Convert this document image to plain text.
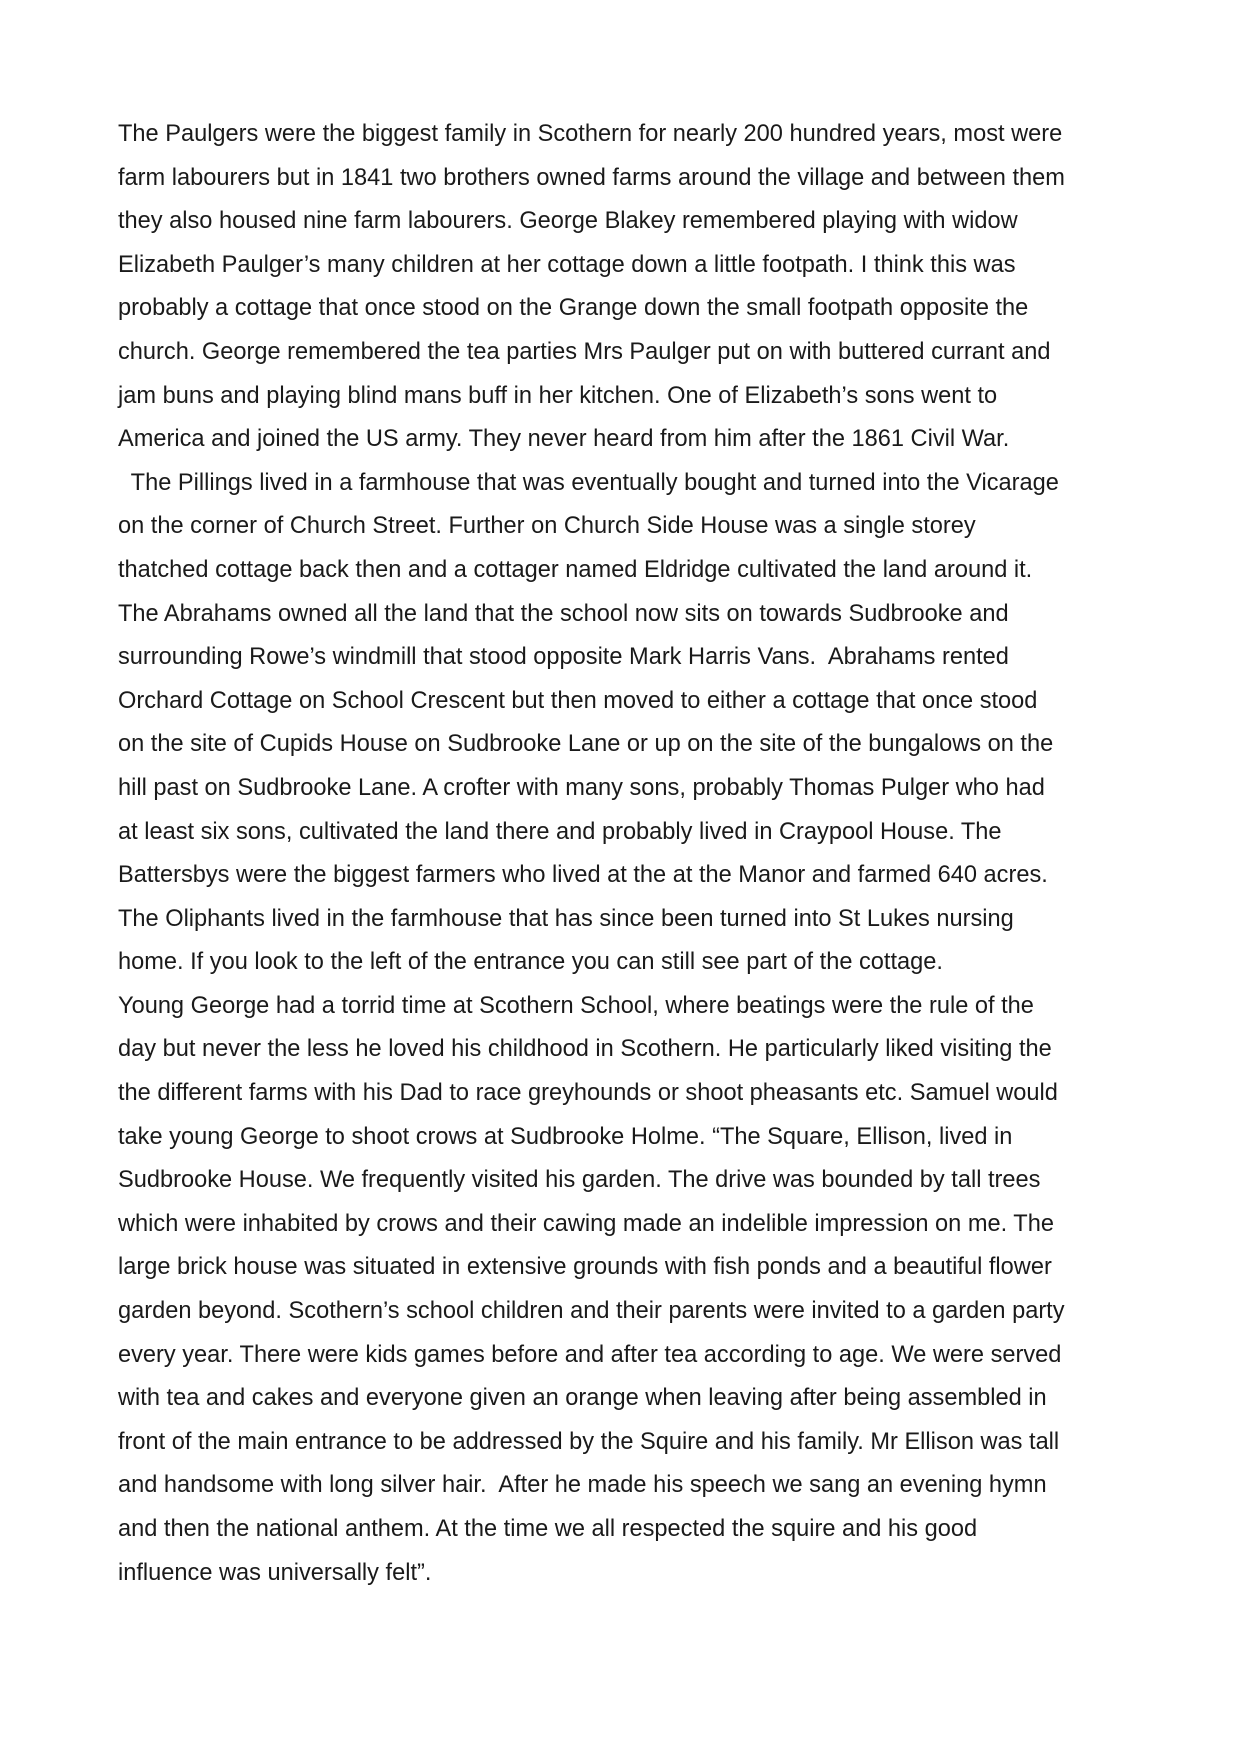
The Paulgers were the biggest family in Scothern for nearly 200 hundred years, most were
farm labourers but in 1841 two brothers owned farms around the village and between them
they also housed nine farm labourers. George Blakey remembered playing with widow
Elizabeth Paulger’s many children at her cottage down a little footpath. I think this was
probably a cottage that once stood on the Grange down the small footpath opposite the
church. George remembered the tea parties Mrs Paulger put on with buttered currant and
jam buns and playing blind mans buff in her kitchen. One of Elizabeth’s sons went to
America and joined the US army. They never heard from him after the 1861 Civil War.
The Pillings lived in a farmhouse that was eventually bought and turned into the Vicarage
on the corner of Church Street. Further on Church Side House was a single storey
thatched cottage back then and a cottager named Eldridge cultivated the land around it.
The Abrahams owned all the land that the school now sits on towards Sudbrooke and
surrounding Rowe’s windmill that stood opposite Mark Harris Vans.  Abrahams rented
Orchard Cottage on School Crescent but then moved to either a cottage that once stood
on the site of Cupids House on Sudbrooke Lane or up on the site of the bungalows on the
hill past on Sudbrooke Lane. A crofter with many sons, probably Thomas Pulger who had
at least six sons, cultivated the land there and probably lived in Craypool House. The
Battersbys were the biggest farmers who lived at the at the Manor and farmed 640 acres.
The Oliphants lived in the farmhouse that has since been turned into St Lukes nursing
home. If you look to the left of the entrance you can still see part of the cottage.
Young George had a torrid time at Scothern School, where beatings were the rule of the
day but never the less he loved his childhood in Scothern. He particularly liked visiting the
the different farms with his Dad to race greyhounds or shoot pheasants etc. Samuel would
take young George to shoot crows at Sudbrooke Holme. “The Square, Ellison, lived in
Sudbrooke House. We frequently visited his garden. The drive was bounded by tall trees
which were inhabited by crows and their cawing made an indelible impression on me. The
large brick house was situated in extensive grounds with fish ponds and a beautiful flower
garden beyond. Scothern’s school children and their parents were invited to a garden party
every year. There were kids games before and after tea according to age. We were served
with tea and cakes and everyone given an orange when leaving after being assembled in
front of the main entrance to be addressed by the Squire and his family. Mr Ellison was tall
and handsome with long silver hair.  After he made his speech we sang an evening hymn
and then the national anthem. At the time we all respected the squire and his good
influence was universally felt”.
